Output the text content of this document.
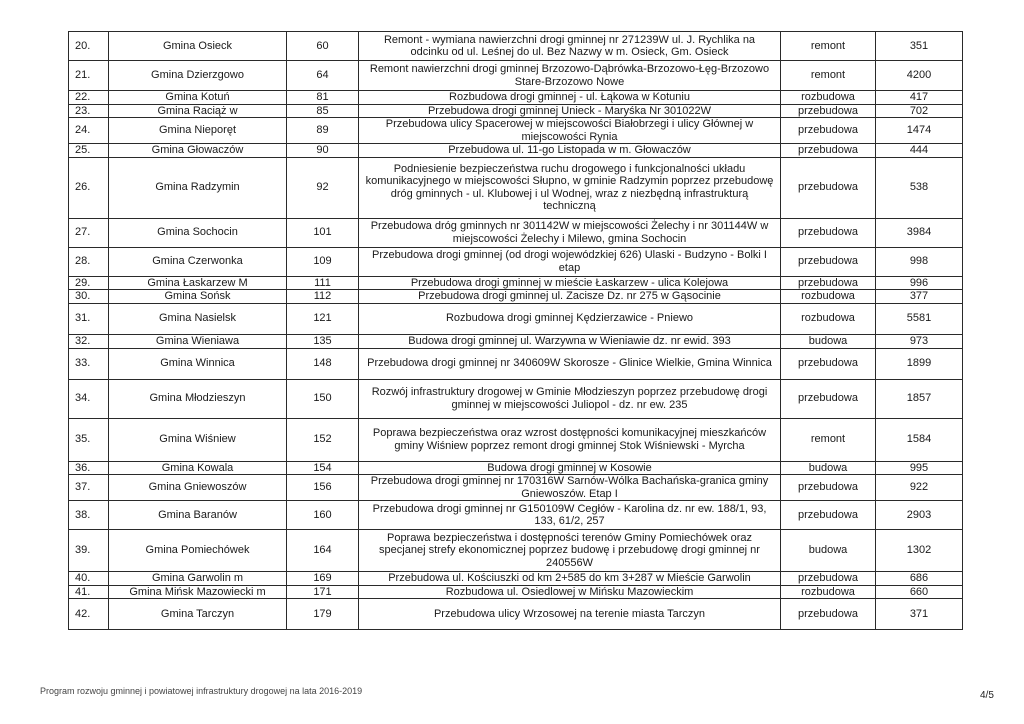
20.	Gmina Osieck	60	Remont - wymiana nawierzchni drogi gminnej nr 271239W ul. J. Rychlika na odcinku od ul. Leśnej do ul. Bez Nazwy w m. Osieck, Gm. Osieck	remont	351
21.	Gmina Dzierzgowo	64	Remont nawierzchni drogi gminnej Brzozowo-Dąbrówka-Brzozowo-Łęg-Brzozowo Stare-Brzozowo Nowe	remont	4200
22.	Gmina Kotuń	81	Rozbudowa drogi gminnej - ul. Łąkowa w Kotuniu	rozbudowa	417
23.	Gmina Raciąż w	85	Przebudowa drogi gminnej Unieck - Maryśka Nr 301022W	przebudowa	702
24.	Gmina Nieporęt	89	Przebudowa ulicy Spacerowej w miejscowości Białobrzegi i ulicy Głównej w miejscowości Rynia	przebudowa	1474
25.	Gmina Głowaczów	90	Przebudowa ul. 11-go Listopada w m. Głowaczów	przebudowa	444
26.	Gmina Radzymin	92	Podniesienie bezpieczeństwa ruchu drogowego i funkcjonalności układu komunikacyjnego w miejscowości Słupno, w gminie Radzymin poprzez przebudowę dróg gminnych - ul. Klubowej i ul Wodnej, wraz z niezbędną infrastrukturą techniczną	przebudowa	538
27.	Gmina Sochocin	101	Przebudowa dróg gminnych nr 301142W w miejscowości Żelechy i nr 301144W w miejscowości Żelechy i Milewo, gmina Sochocin	przebudowa	3984
28.	Gmina Czerwonka	109	Przebudowa drogi gminnej (od drogi wojewódzkiej 626) Ulaski - Budzyno - Bolki I etap	przebudowa	998
29.	Gmina Łaskarzew M	111	Przebudowa drogi gminnej w mieście Łaskarzew - ulica Kolejowa	przebudowa	996
30.	Gmina Sońsk	112	Przebudowa drogi gminnej ul. Zacisze Dz. nr 275 w Gąsocinie	rozbudowa	377
31.	Gmina Nasielsk	121	Rozbudowa drogi gminnej Kędzierzawice - Pniewo	rozbudowa	5581
32.	Gmina Wieniawa	135	Budowa drogi gminnej ul. Warzywna w Wieniawie dz. nr ewid. 393	budowa	973
33.	Gmina Winnica	148	Przebudowa drogi gminnej nr 340609W Skorosze - Glinice Wielkie, Gmina Winnica	przebudowa	1899
34.	Gmina Młodzieszyn	150	Rozwój infrastruktury drogowej w Gminie Młodzieszyn poprzez przebudowę drogi gminnej w miejscowości Juliopol - dz. nr ew. 235	przebudowa	1857
35.	Gmina Wiśniew	152	Poprawa bezpieczeństwa oraz wzrost dostępności komunikacyjnej mieszkańców gminy Wiśniew poprzez remont drogi gminnej Stok Wiśniewski - Myrcha	remont	1584
36.	Gmina Kowala	154	Budowa drogi gminnej w Kosowie	budowa	995
37.	Gmina Gniewoszów	156	Przebudowa drogi gminnej nr 170316W Sarnów-Wólka Bachańska-granica gminy Gniewoszów. Etap I	przebudowa	922
38.	Gmina Baranów	160	Przebudowa drogi gminnej nr G150109W Cegłów - Karolina dz. nr ew. 188/1, 93, 133, 61/2, 257	przebudowa	2903
39.	Gmina Pomiechówek	164	Poprawa bezpieczeństwa i dostępności terenów Gminy Pomiechówek oraz specjanej strefy ekonomicznej poprzez budowę i przebudowę drogi gminnej nr 240556W	budowa	1302
40.	Gmina Garwolin m	169	Przebudowa ul. Kościuszki od km 2+585 do km 3+287 w Mieście Garwolin	przebudowa	686
41.	Gmina Mińsk Mazowiecki m	171	Rozbudowa ul. Osiedlowej w Mińsku Mazowieckim	rozbudowa	660
42.	Gmina Tarczyn	179	Przebudowa ulicy Wrzosowej na terenie miasta Tarczyn	przebudowa	371
Program rozwoju gminnej i powiatowej infrastruktury drogowej na lata 2016-2019	4/5
